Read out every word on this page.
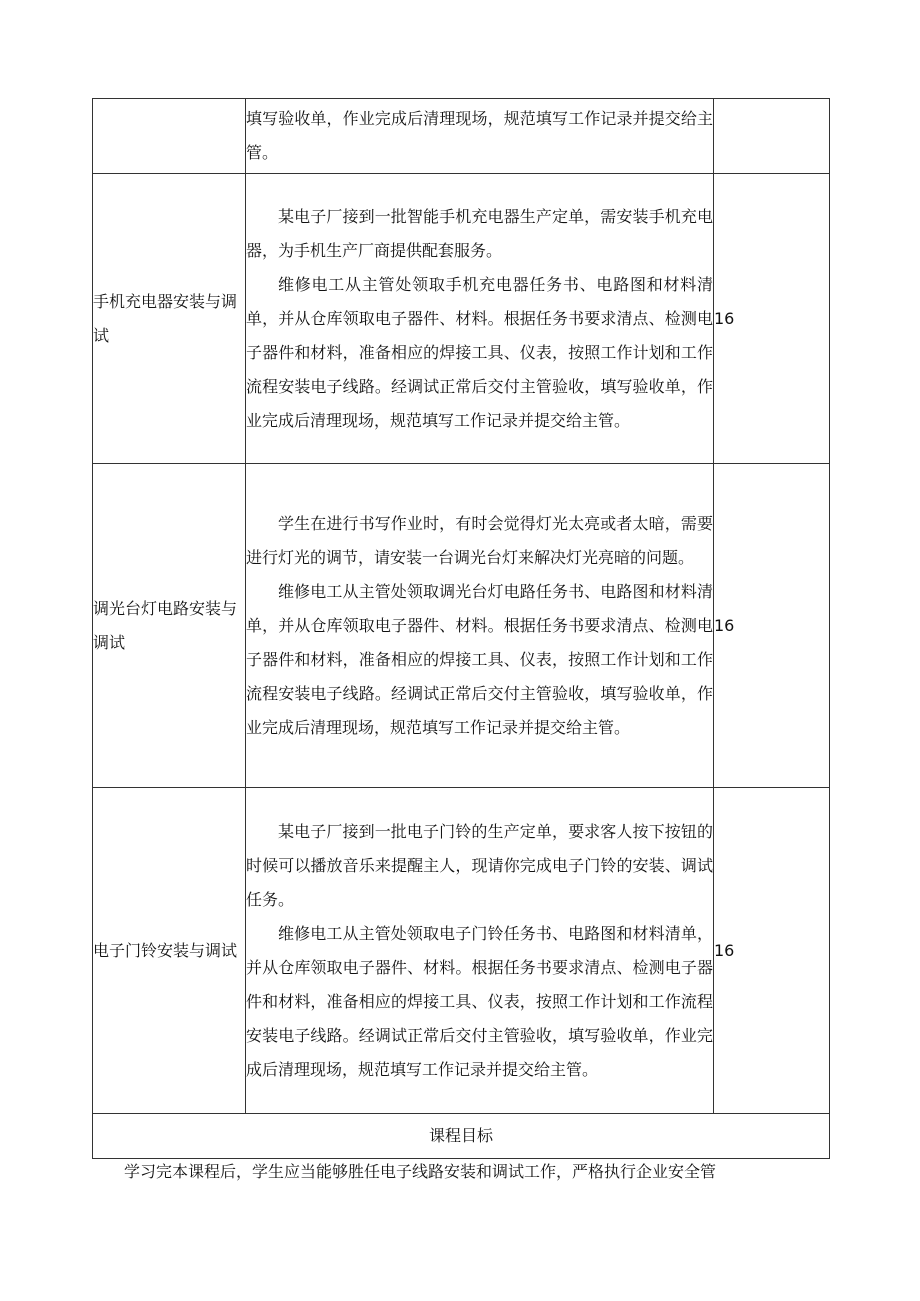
	填写验收单，作业完成后清理现场，规范填写工作记录并提交给主管。	

手机充电器安装与调试	某电子厂接到一批智能手机充电器生产定单，需安装手机充电器，为手机生产厂商提供配套服务。

维修电工从主管处领取手机充电器任务书、电路图和材料清单，并从仓库领取电子器件、材料。根据任务书要求清点、检测电子器件和材料，准备相应的焊接工具、仪表，按照工作计划和工作流程安装电子线路。经调试正常后交付主管验收，填写验收单，作业完成后清理现场，规范填写工作记录并提交给主管。	16
调光台灯电路安装与调试	学生在进行书写作业时，有时会觉得灯光太亮或者太暗，需要进行灯光的调节，请安装一台调光台灯来解决灯光亮暗的问题。

维修电工从主管处领取调光台灯电路任务书、电路图和材料清单，并从仓库领取电子器件、材料。根据任务书要求清点、检测电子器件和材料，准备相应的焊接工具、仪表，按照工作计划和工作流程安装电子线路。经调试正常后交付主管验收，填写验收单，作业完成后清理现场，规范填写工作记录并提交给主管。	16
电子门铃安装与调试	某电子厂接到一批电子门铃的生产定单，要求客人按下按钮的时候可以播放音乐来提醒主人，现请你完成电子门铃的安装、调试任务。

维修电工从主管处领取电子门铃任务书、电路图和材料清单，并从仓库领取电子器件、材料。根据任务书要求清点、检测电子器件和材料，准备相应的焊接工具、仪表，按照工作计划和工作流程安装电子线路。经调试正常后交付主管验收，填写验收单，作业完成后清理现场，规范填写工作记录并提交给主管。	16
课程目标		
学习完本课程后，学生应当能够胜任电子线路安装和调试工作，严格执行企业安全管
